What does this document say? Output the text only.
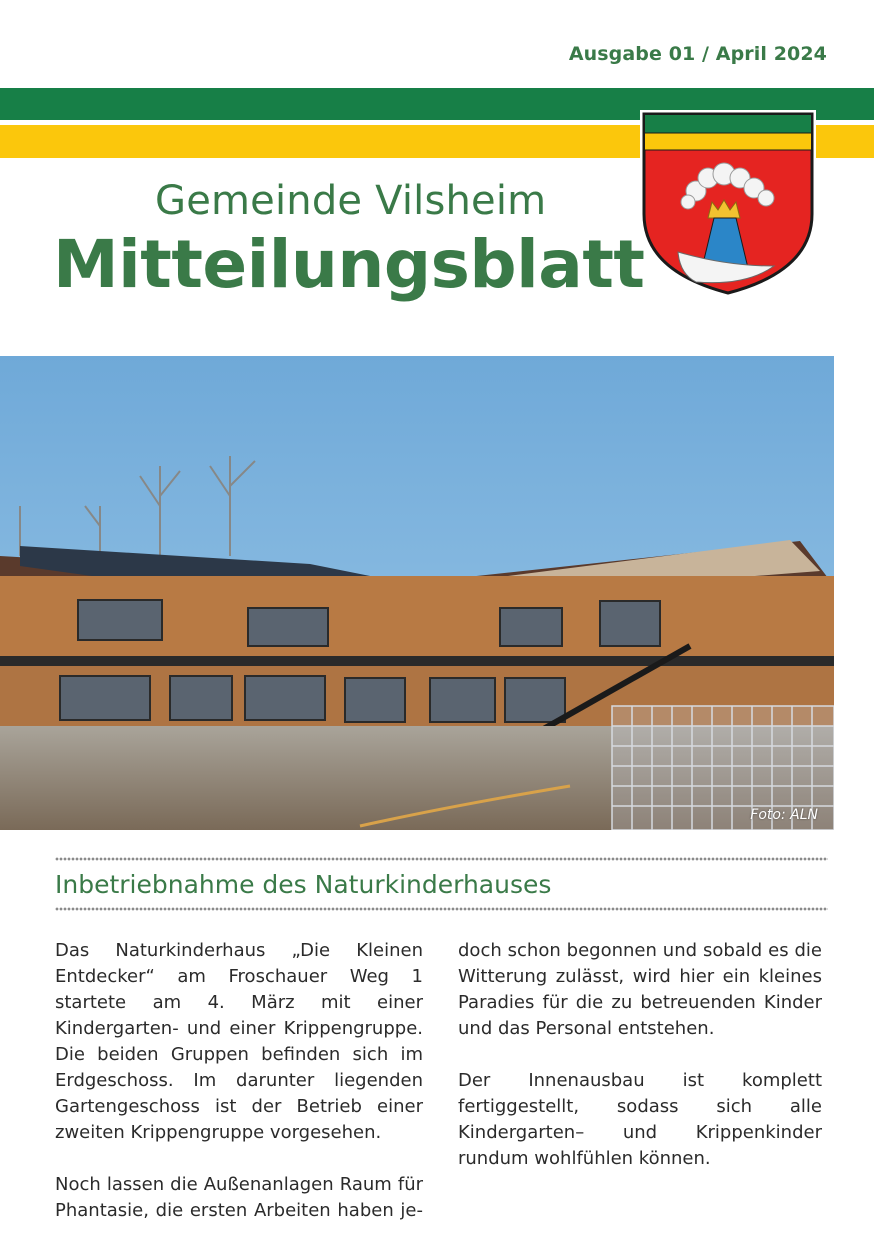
Ausgabe 01 / April 2024
Gemeinde Vilsheim
Mitteilungsblatt
Foto: ALN
Inbetriebnahme des Naturkinderhauses

Das Naturkinderhaus „Die Kleinen Entdecker“ am Froschauer Weg 1 startete am 4. März mit einer Kindergarten- und einer Krippengruppe. Die beiden Gruppen befinden sich im Erdgeschoss. Im darunter liegenden Gartengeschoss ist der Betrieb einer zweiten Krippengruppe vorgesehen.

Noch lassen die Außenanlagen Raum für Phantasie, die ersten Arbeiten haben je-

doch schon begonnen und sobald es die Witterung zulässt, wird hier ein kleines Paradies für die zu betreuenden Kinder und das Personal entstehen.

Der Innenausbau ist komplett fertiggestellt, sodass sich alle Kindergarten– und Krippenkinder rundum wohlfühlen können.
